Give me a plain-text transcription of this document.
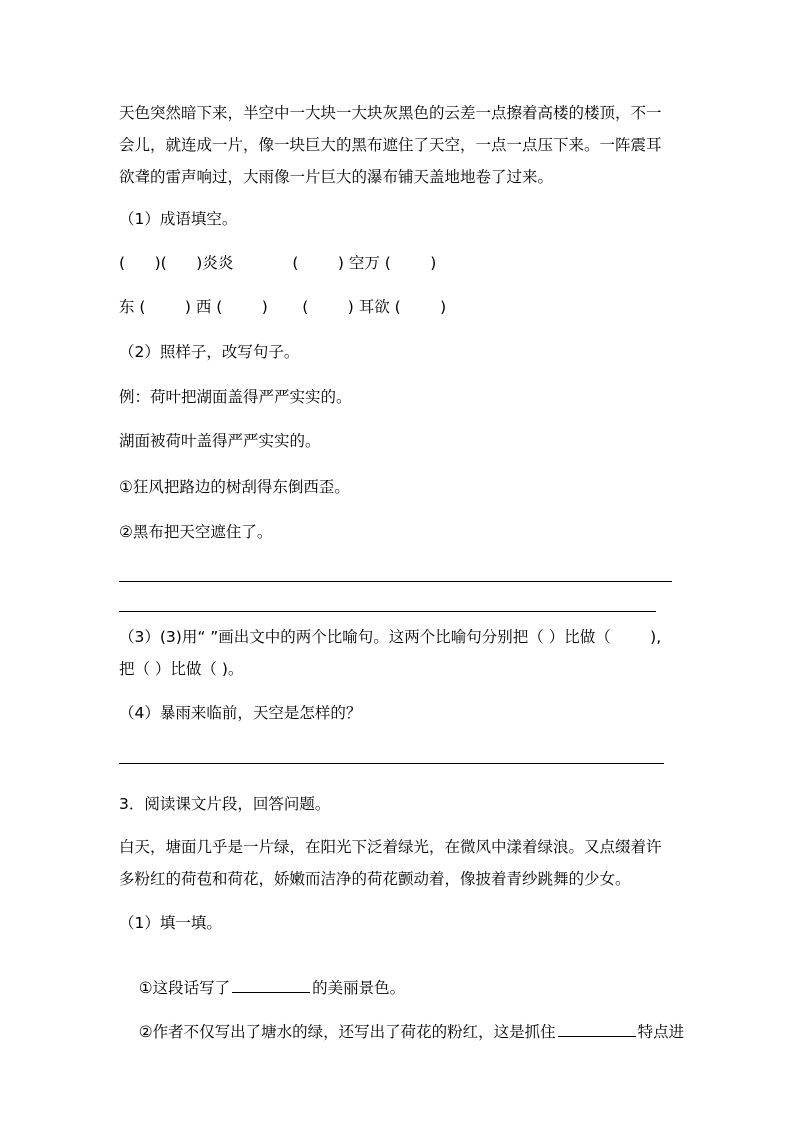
天色突然暗下来，半空中一大块一大块灰黑色的云差一点擦着高楼的楼顶，不一
会儿，就连成一片，像一块巨大的黑布遮住了天空，一点一点压下来。一阵震耳
欲聋的雷声响过，大雨像一片巨大的瀑布铺天盖地地卷了过来。
（1）成语填空。
(      )(      )炎炎            (        ) 空万 (        )
东 (        ) 西 (        )       (        ) 耳欲 (        )
（2）照样子，改写句子。
例：荷叶把湖面盖得严严实实的。
湖面被荷叶盖得严严实实的。
①狂风把路边的树刮得东倒西歪。
②黑布把天空遮住了。
（3）(3)用“ ”画出文中的两个比喻句。这两个比喻句分别把（ ）比做（        ),
把（ ）比做（ )。
（4）暴雨来临前，天空是怎样的？
3．阅读课文片段，回答问题。
白天，塘面几乎是一片绿，在阳光下泛着绿光，在微风中漾着绿浪。又点缀着许
多粉红的荷苞和荷花，娇嫩而洁净的荷花颤动着，像披着青纱跳舞的少女。
（1）填一填。

①这段话写了	的美丽景色。

②作者不仅写出了塘水的绿，还写出了荷花的粉红，这是抓住	特点进
